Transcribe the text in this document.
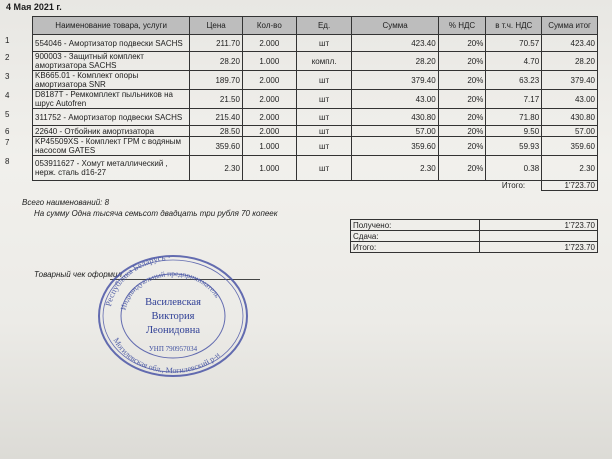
4 Мая 2021 г.
Наименование товара, услуги	Цена	Кол-во	Ед.	Сумма	% НДС	в т.ч. НДС	Сумма итог

1 554046 - Амортизатор подвески SACHS	211.70	2.000	шт	423.40	20%	70.57	423.40

2 900003 - Защитный комплект амортизатора SACHS	28.20	1.000	компл.	28.20	20%	4.70	28.20

3 KB665.01 - Комплект опоры амортизатора SNR	189.70	2.000	шт	379.40	20%	63.23	379.40

4 D8187T - Ремкомплект пыльников на шрус Autofren	21.50	2.000	шт	43.00	20%	7.17	43.00

5 311752 - Амортизатор подвески SACHS	215.40	2.000	шт	430.80	20%	71.80	430.80

6 22640 - Отбойник амортизатора	28.50	2.000	шт	57.00	20%	9.50	57.00

7 KP45509XS - Комплект ГРМ с водяным насосом GATES	359.60	1.000	шт	359.60	20%	59.93	359.60

8 053911627 - Хомут металлический , нерж. сталь d16-27	2.30	1.000	шт	2.30	20%	0.38	2.30
						Итого:	1'723.70
Всего наименований: 8
На сумму Одна тысяча семьсот двадцать три рубля 70 копеек
Получено:	1'723.70
Сдача:	
Итого:	1'723.70
Товарный чек оформил
Республика Беларусь ·
Индивидуальный предприниматель
Могилевская обл., Могилевский р-н
Василевская
Виктория
Леонидовна
УНП 790957034
